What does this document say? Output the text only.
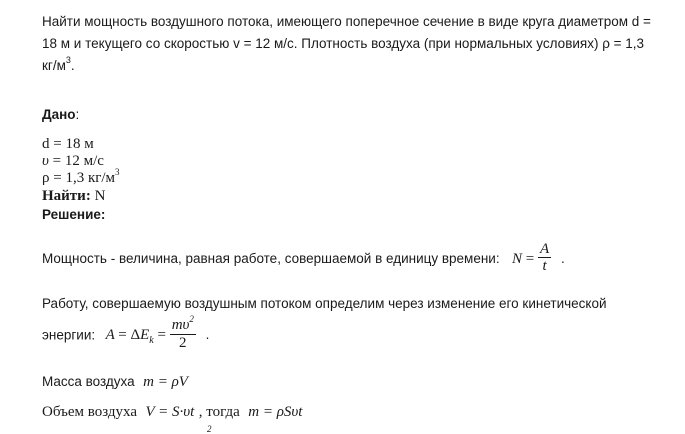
Найти мощность воздушного потока, имеющего поперечное сечение в виде круга диаметром d =
18 м и текущего со скоростью v = 12 м/с. Плотность воздуха (при нормальных условиях) ρ = 1,3
$кг/м^3$.
Дано:
d = 18 м
υ = 12 м/с
ρ = 1,3 $кг/м^3$
Найти: N
Решение:
Мощность - величина, равная работе, совершаемой в единицу времени: $N = \frac{A}{t}$ .
Работу, совершаемую воздушным потоком определим через изменение его кинетической
энергии: $A = \Delta E_k = \frac{m\upsilon^2}{2}$ .
Масса воздуха m = ρV
Объем воздуха V = S·υt , тогда m = ρSυt
2
